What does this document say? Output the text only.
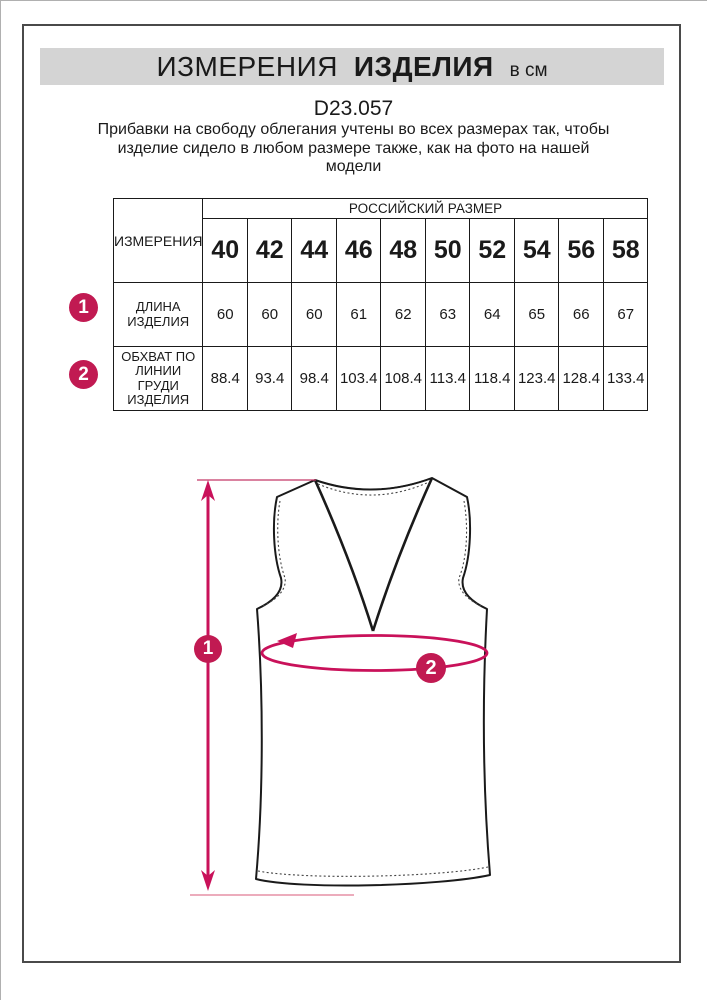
ИЗМЕРЕНИЯ ИЗДЕЛИЯ в см
D23.057
Прибавки на свободу облегания учтены во всех размерах так, чтобы
изделие сидело в любом размере также, как на фото на нашей
модели
ИЗМЕРЕНИЯ	РОССИЙСКИЙ РАЗМЕР									
	40	42	44	46	48	50	52	54	56	58

ДЛИНА
ИЗДЕЛИЯ	60	60	60	61	62	63	64	65	66	67

ОБХВАТ ПО
ЛИНИИ
ГРУДИ
ИЗДЕЛИЯ	88.4	93.4	98.4	103.4	108.4	113.4	118.4	123.4	128.4	133.4
1
2
1
2
